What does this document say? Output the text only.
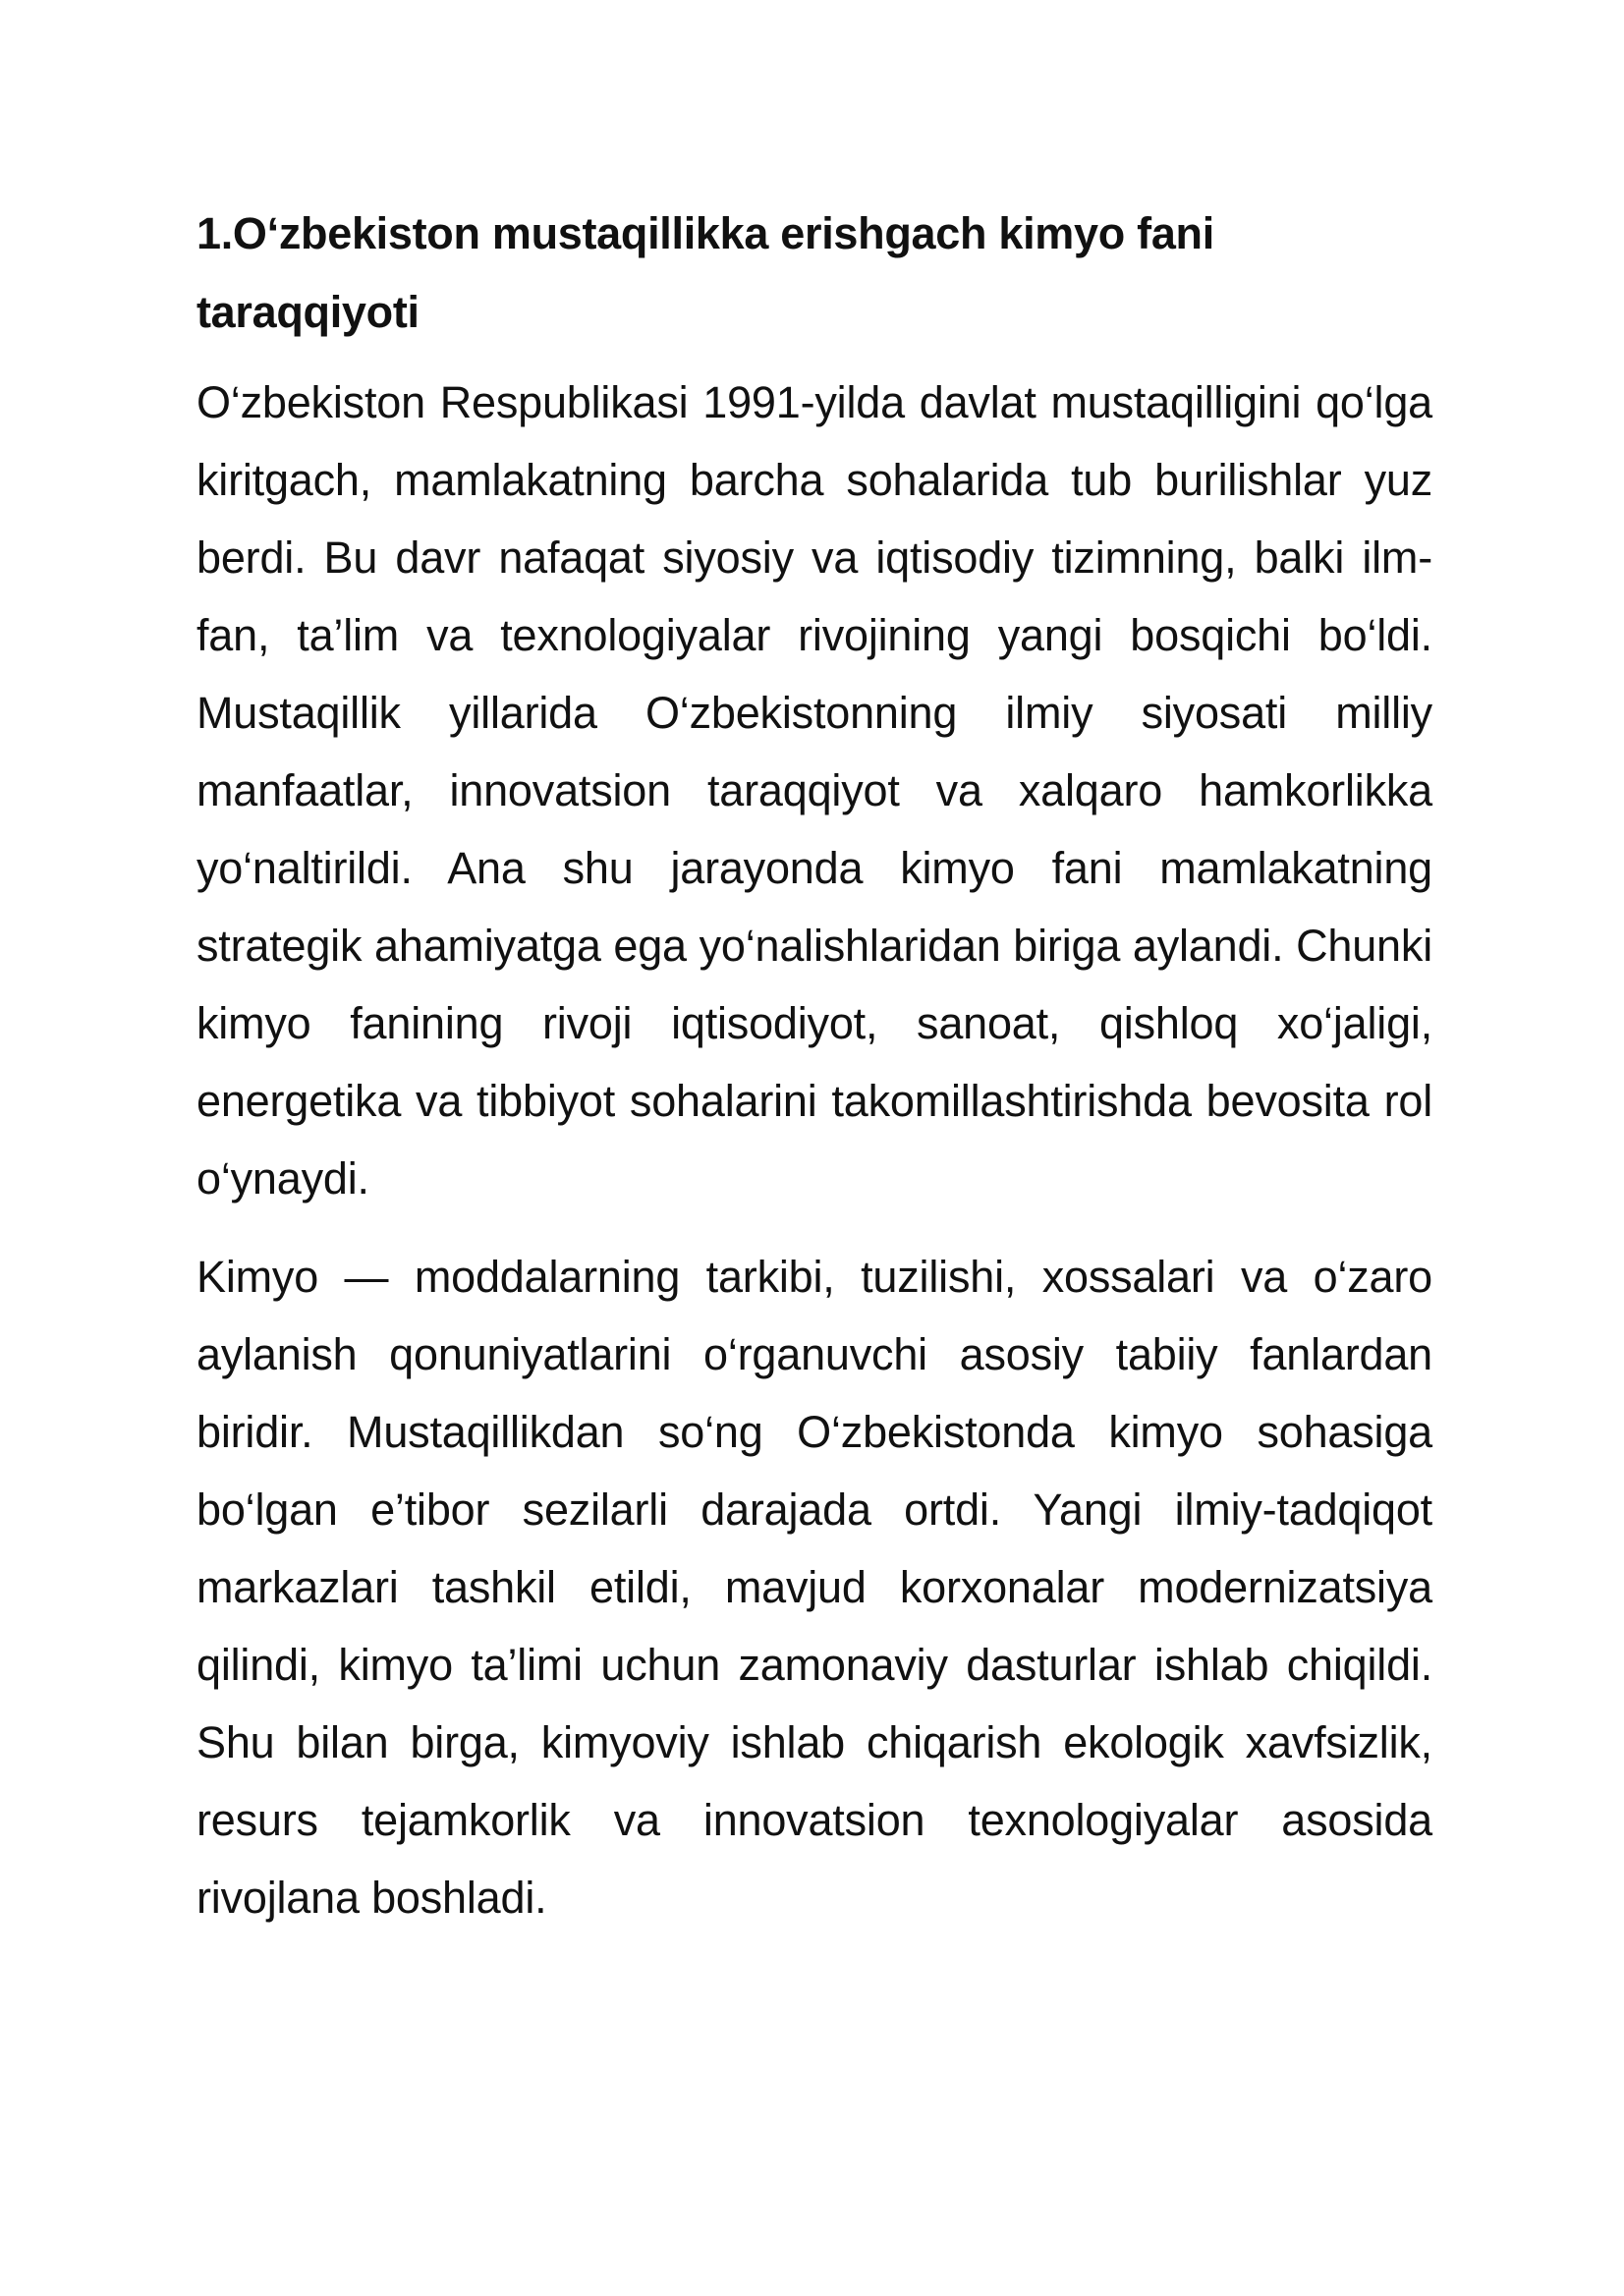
1.O‘zbekiston mustaqillikka erishgach kimyo fani taraqqiyoti

O‘zbekiston Respublikasi 1991-yilda davlat mustaqilligini qo‘lga kiritgach, mamlakatning barcha sohalarida tub burilishlar yuz berdi. Bu davr nafaqat siyosiy va iqtisodiy tizimning, balki ilm-fan, ta’lim va texnologiyalar rivojining yangi bosqichi bo‘ldi. Mustaqillik yillarida O‘zbekistonning ilmiy siyosati milliy manfaatlar, innovatsion taraqqiyot va xalqaro hamkorlikka yo‘naltirildi. Ana shu jarayonda kimyo fani mamlakatning strategik ahamiyatga ega yo‘nalishlaridan biriga aylandi. Chunki kimyo fanining rivoji iqtisodiyot, sanoat, qishloq xo‘jaligi, energetika va tibbiyot sohalarini takomillashtirishda bevosita rol o‘ynaydi.

Kimyo — moddalarning tarkibi, tuzilishi, xossalari va o‘zaro aylanish qonuniyatlarini o‘rganuvchi asosiy tabiiy fanlardan biridir. Mustaqillikdan so‘ng O‘zbekistonda kimyo sohasiga bo‘lgan e’tibor sezilarli darajada ortdi. Yangi ilmiy-tadqiqot markazlari tashkil etildi, mavjud korxonalar modernizatsiya qilindi, kimyo ta’limi uchun zamonaviy dasturlar ishlab chiqildi. Shu bilan birga, kimyoviy ishlab chiqarish ekologik xavfsizlik, resurs tejamkorlik va innovatsion texnologiyalar asosida rivojlana boshladi.
